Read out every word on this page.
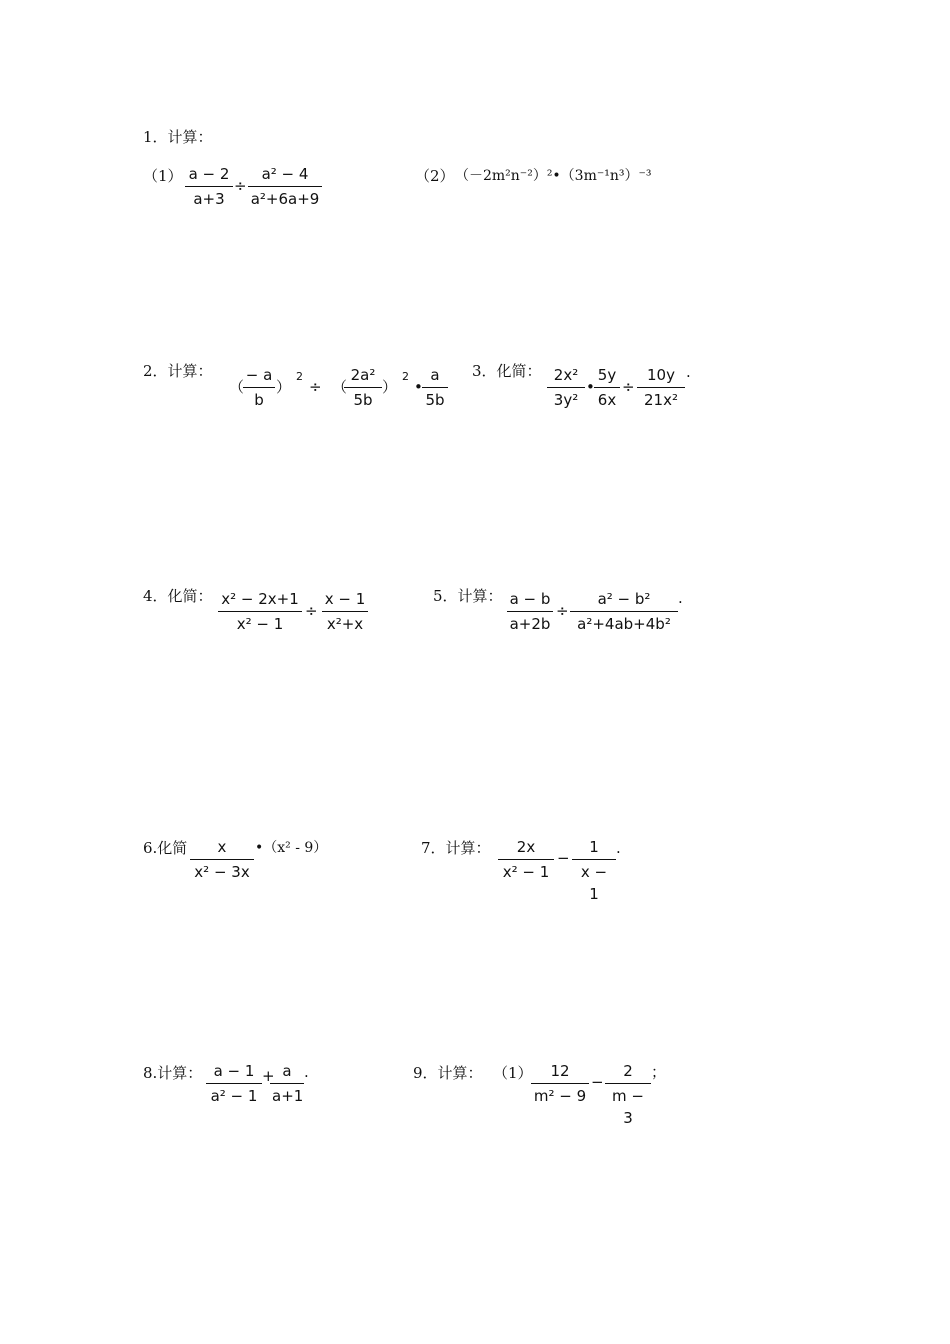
1．计算：
（1） a − 2
a+3
÷
a² − 4
a²+6a+9
（2） （－2m²n⁻²）²•（3m⁻¹n³）⁻³
2．计算：
（
− a
b
）
2
÷ （
2a²
5b
）
2
•
a
5b
3．化简： 2x²
3y²
•
5y
6x
÷
10y
21x²
.
4．化简： x² − 2x+1
x² − 1
÷
x − 1
x²+x
5．计算： a − b
a+2b
÷
a² − b²
a²+4ab+4b²
.
6.化简	x
x² − 3x
•（x² - 9）	7．计算：	2x
x² − 1
−
1
x − 1
.
8.计算： a − 1
a² − 1
+ a
a+1
.	9．计算： （1）	12
m² − 9
−
2
m − 3
；
